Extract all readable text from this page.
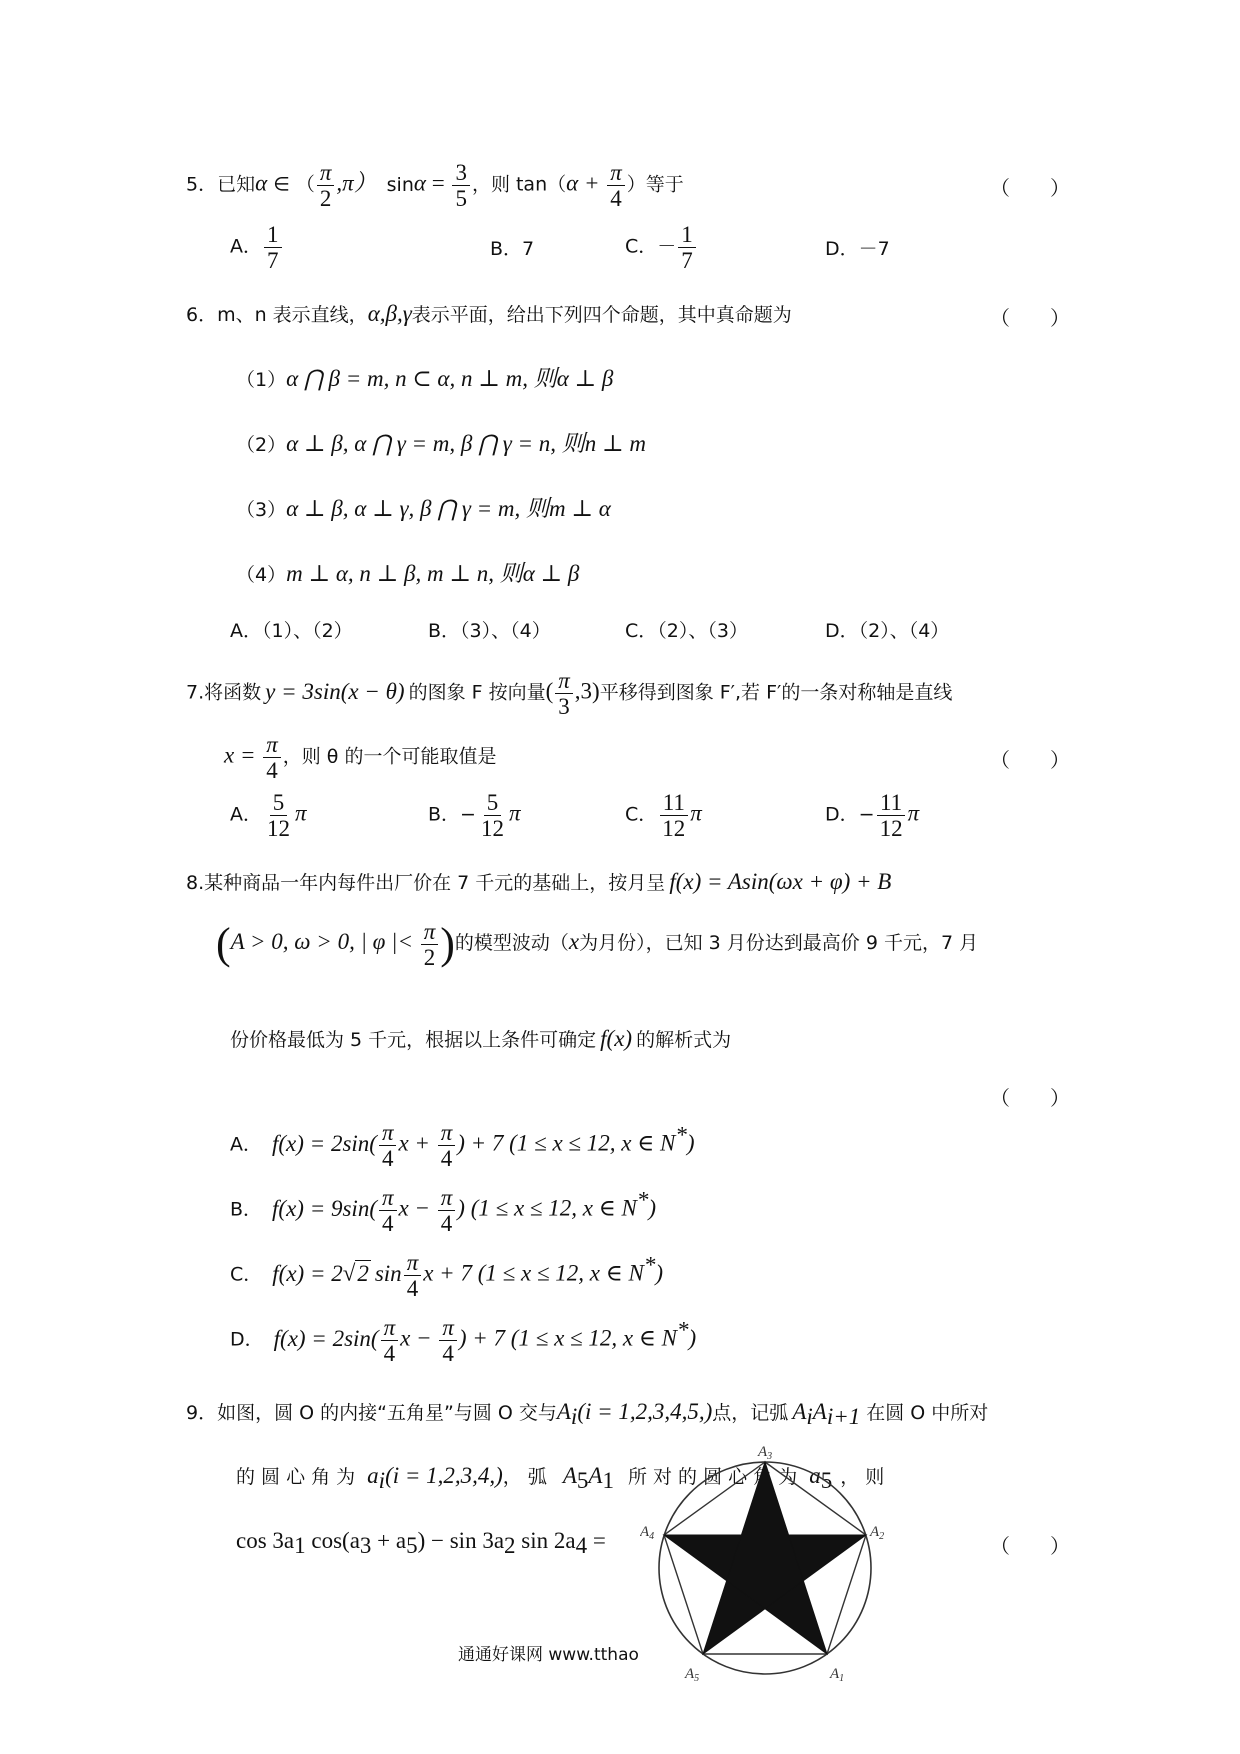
5．已知α ∈ （ $\frac{\pi}{2} ,\pi$） $\sin\alpha = \frac{3}{5}$ ，则 $\tan(\alpha + \frac{\pi}{4}$ ）等于	（　　）
A． $\frac{1}{7}$	B．7	C．－ $\frac{1}{7}$	D．－7
6．m、n 表示直线，α,β,γ表示平面，给出下列四个命题，其中真命题为	（　　）
（1）α ⋂ β = m, n ⊂ α, n ⊥ m, 则α ⊥ β
（2）α ⊥ β, α ⋂ γ = m, β ⋂ γ = n, 则n ⊥ m
（3）α ⊥ β, α ⊥ γ, β ⋂ γ = m, 则m ⊥ α
（4）m ⊥ α, n ⊥ β, m ⊥ n, 则α ⊥ β
A．（1）、（2）	B．（3）、（4）	C．（2）、（3）	D．（2）、（4）
7.将函数 y = 3sin(x − θ) 的图象 F 按向量( $\frac{\pi}{3} ,3$)平移得到图象 F′,若 F′的一条对称轴是直线
$x = \frac{\pi}{4}$ ，则 θ 的一个可能取值是	（　　）
A． $\frac{5}{12}$ π	B．− $\frac{5}{12}$ π	C． $\frac{11}{12}$ π	D．− $\frac{11}{12}$ π
8.某种商品一年内每件出厂价在 7 千元的基础上，按月呈 f(x) = Asin(ωx + φ) + B
(A > 0, ω > 0, | φ |< $\frac{\pi}{2}$ )的模型波动（x为月份），已知 3 月份达到最高价 9 千元，7 月
份价格最低为 5 千元，根据以上条件可确定 f(x) 的解析式为
（　　）
A． $f(x) = 2\sin( \frac{\pi}{4}$ $x + \frac{\pi}{4}$ ) + 7 (1 ≤ x ≤ 12, x ∈ N*)
B． $f(x) = 9\sin( \frac{\pi}{4}$ $x - \frac{\pi}{4}$ ) (1 ≤ x ≤ 12, x ∈ N*)
C． f(x) = 2√2 $\sin \frac{\pi}{4}$ x + 7 (1 ≤ x ≤ 12, x ∈ N*)
D． $f(x) = 2\sin( \frac{\pi}{4}$ $x - \frac{\pi}{4}$ ) + 7 (1 ≤ x ≤ 12, x ∈ N*)
9．如图，圆 O 的内接“五角星”与圆 O 交与$A_i(i = 1,2,3,4,5,)$点，记弧 $A_iA_{i+1}$ 在圆 O 中所对
的 圆 心 角 为 $a_i(i = 1,2,3,4,)$， 弧 $A_5A_1$ 所 对 的 圆 心 角 为 $a_5$ ， 则
$\cos 3a_1$ $\cos(a_3 + a_5) - \sin 3a_2$ $\sin 2a_4$ =	（　　）
$A_3$
$A_4$	$A_2$
$A_5$	$A_1$
通通好课网 www.tthao
